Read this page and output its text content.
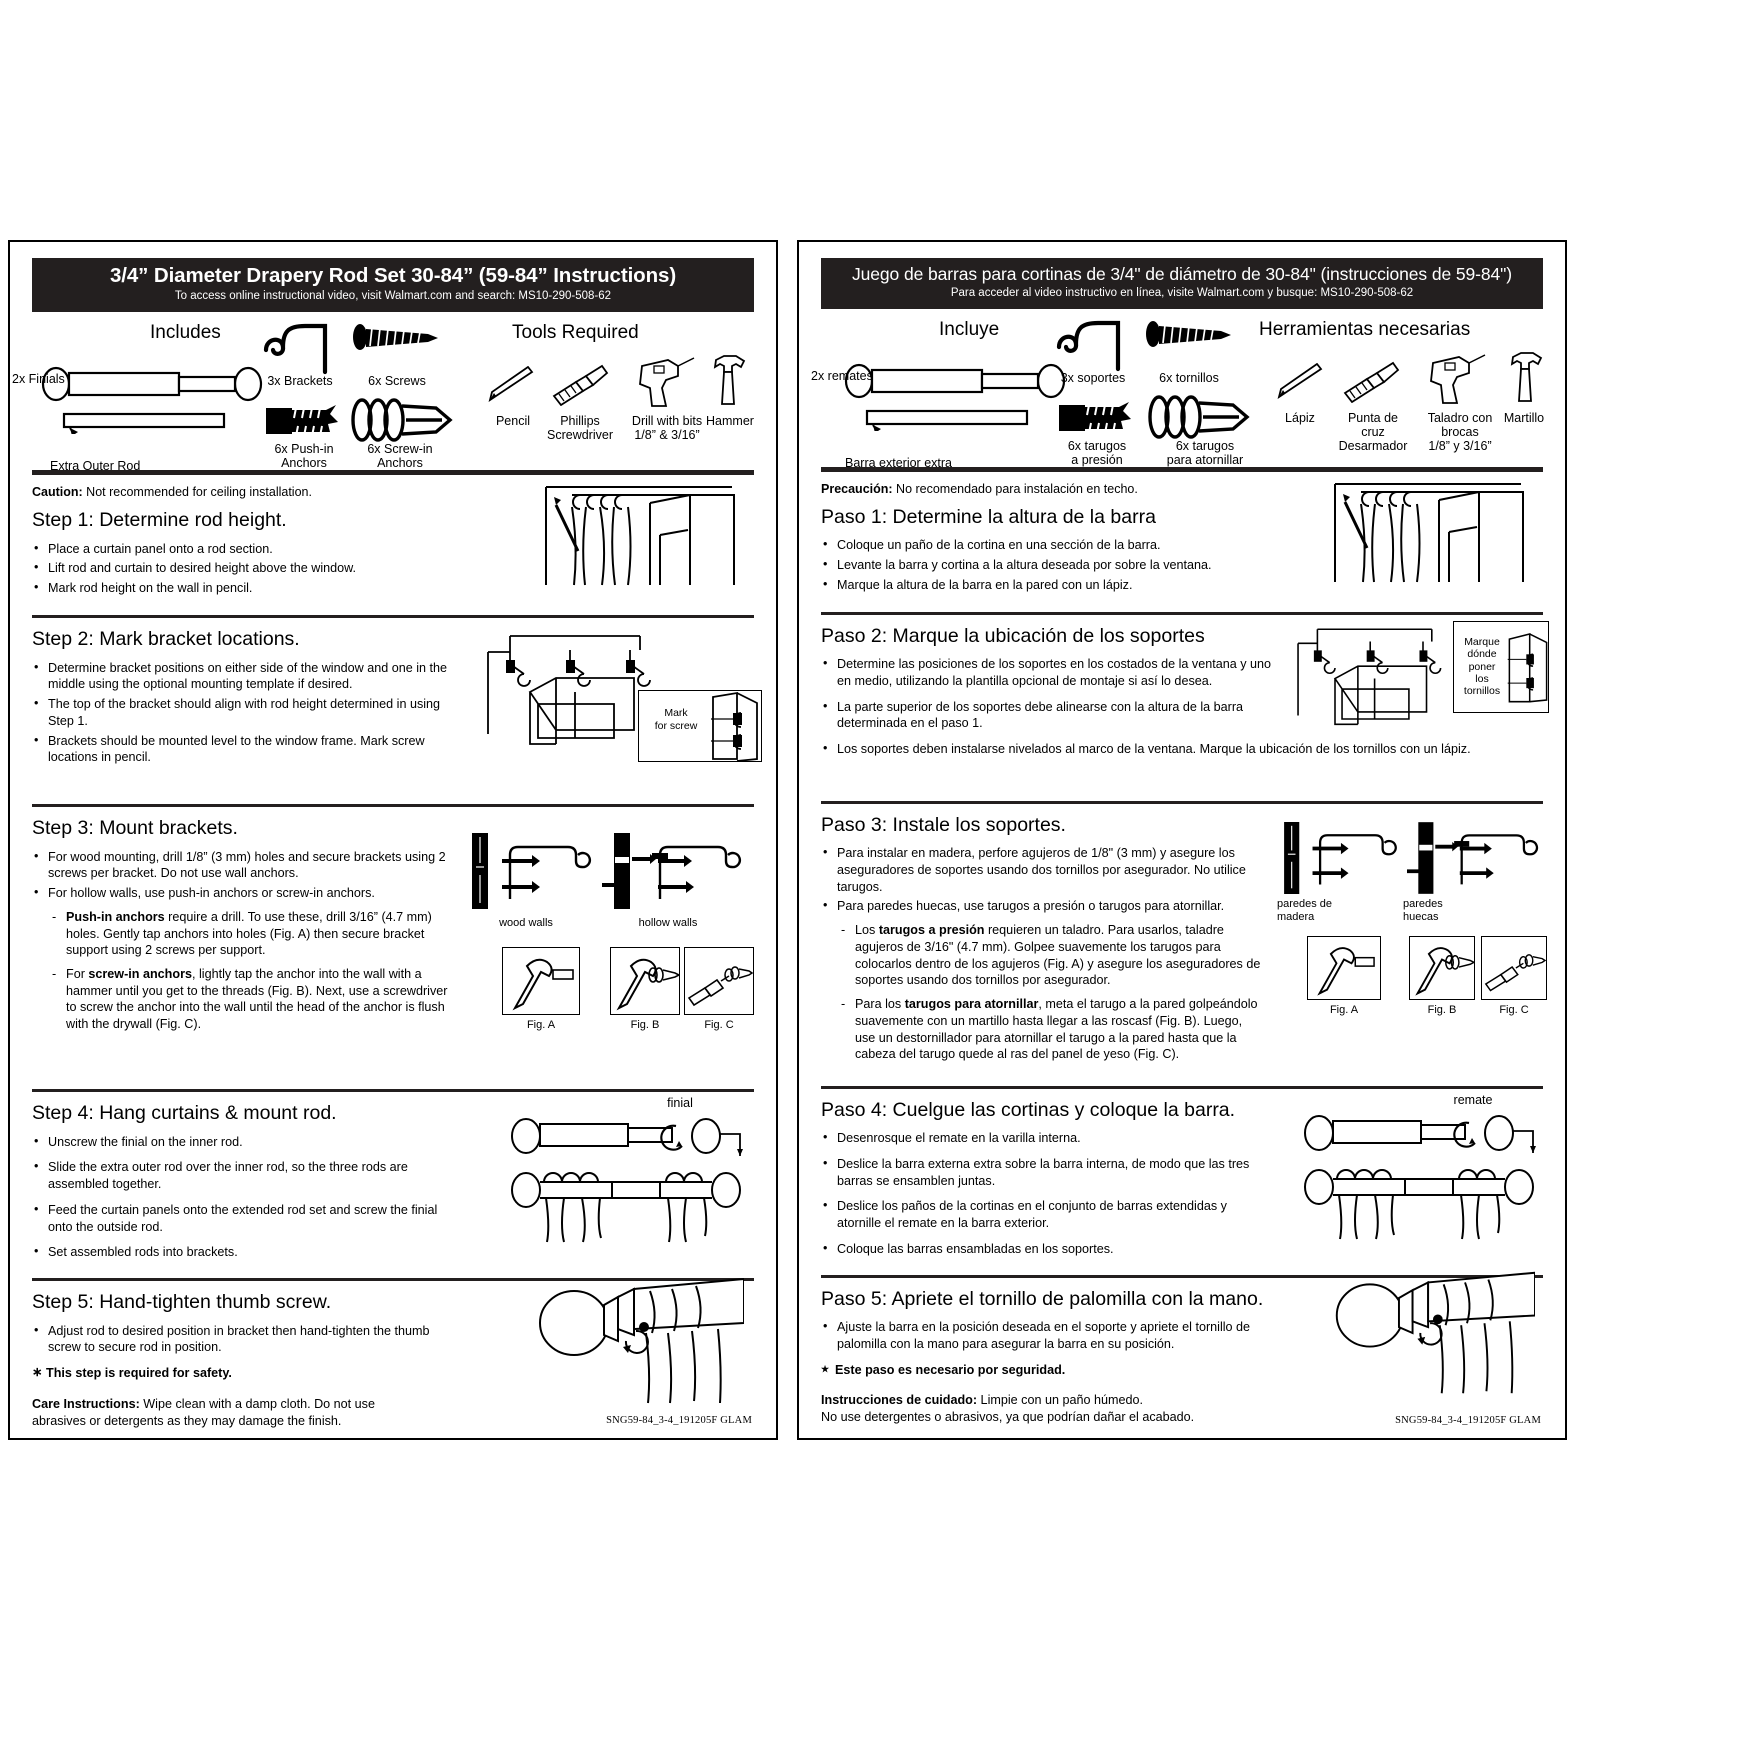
3/4” Diameter Drapery Rod Set 30-84” (59-84” Instructions)
To access online instructional video, visit Walmart.com and search: MS10-290-508-62
Includes	Tools Required
2x Finials
Extra Outer Rod
3x Brackets	6x Screws
6x Push-in
Anchors
6x Screw-in
Anchors
Pencil	Phillips
Screwdriver
Drill with bits
1/8” & 3/16”
Hammer
Caution: Not recommended for ceiling installation.
Step 1: Determine rod height.
• Place a curtain panel onto a rod section.
• Lift rod and curtain to desired height above the window.
• Mark rod height on the wall in pencil.
Step 2: Mark bracket locations.
• Determine bracket positions on either side of the window and one in the middle using the optional mounting template if desired.
• The top of the bracket should align with rod height determined in using Step 1.
• Brackets should be mounted level to the window frame. Mark screw locations in pencil.
Mark
for screw
Step 3: Mount brackets.
• For wood mounting, drill 1/8” (3 mm) holes and secure brackets using 2 screws per bracket. Do not use wall anchors.
• For hollow walls, use push-in anchors or screw-in anchors.
- Push-in anchors require a drill. To use these, drill 3/16” (4.7 mm) holes. Gently tap anchors into holes (Fig. A) then secure bracket support using 2 screws per support.
- For screw-in anchors, lightly tap the anchor into the wall with a hammer until you get to the threads (Fig. B). Next, use a screwdriver to screw the anchor into the wall until the head of the anchor is flush with the drywall (Fig. C).
wood walls	hollow walls
Fig. A	Fig. B	Fig. C
Step 4: Hang curtains & mount rod.
• Unscrew the finial on the inner rod.
• Slide the extra outer rod over the inner rod, so the three rods are assembled together.
• Feed the curtain panels onto the extended rod set and screw the finial onto the outside rod.
• Set assembled rods into brackets.
finial
Step 5: Hand-tighten thumb screw.
• Adjust rod to desired position in bracket then hand-tighten the thumb screw to secure rod in position.
∗ This step is required for safety.
Care Instructions: Wipe clean with a damp cloth. Do not use abrasives or detergents as they may damage the finish.	SNG59-84_3-4_191205F GLAM
Juego de barras para cortinas de 3/4" de diámetro de 30-84" (instrucciones de 59-84")
Para acceder al video instructivo en línea, visite Walmart.com y busque: MS10-290-508-62
Incluye	Herramientas necesarias
2x remates
Barra exterior extra
3x soportes	6x tornillos
6x tarugos
a presión
6x tarugos
para atornillar
Lápiz	Punta de
cruz
Desarmador
Taladro con
brocas
1/8” y 3/16”
Martillo
Precaución: No recomendado para instalación en techo.
Paso 1: Determine la altura de la barra
• Coloque un paño de la cortina en una sección de la barra.
• Levante la barra y cortina a la altura deseada por sobre la ventana.
• Marque la altura de la barra en la pared con un lápiz.
Paso 2: Marque la ubicación de los soportes
• Determine las posiciones de los soportes en los costados de la ventana y uno en medio, utilizando la plantilla opcional de montaje si así lo desea.
• La parte superior de los soportes debe alinearse con la altura de la barra determinada en el paso 1.
• Los soportes deben instalarse nivelados al marco de la ventana. Marque la ubicación de los tornillos con un lápiz.
Marque
dónde
poner
los tornillos
Paso 3: Instale los soportes.
• Para instalar en madera, perfore agujeros de 1/8" (3 mm) y asegure los aseguradores de soportes usando dos tornillos por asegurador. No utilice tarugos.
• Para paredes huecas, use tarugos a presión o tarugos para atornillar.
- Los tarugos a presión requieren un taladro. Para usarlos, taladre agujeros de 3/16" (4.7 mm). Golpee suavemente los tarugos para colocarlos dentro de los agujeros (Fig. A) y asegure los aseguradores de soportes usando dos tornillos por asegurador.
- Para los tarugos para atornillar, meta el tarugo a la pared golpeándolo suavemente con un martillo hasta llegar a las roscasf (Fig. B). Luego, use un destornillador para atornillar el tarugo a la pared hasta que la cabeza del tarugo quede al ras del panel de yeso (Fig. C).
paredes de
madera
paredes
huecas
Fig. A	Fig. B	Fig. C
Paso 4: Cuelgue las cortinas y coloque la barra.
• Desenrosque el remate en la varilla interna.
• Deslice la barra externa extra sobre la barra interna, de modo que las tres barras se ensamblen juntas.
• Deslice los paños de la cortinas en el conjunto de barras extendidas y atornille el remate en la barra exterior.
• Coloque las barras ensambladas en los soportes.
remate
Paso 5: Apriete el tornillo de palomilla con la mano.
• Ajuste la barra en la posición deseada en el soporte y apriete el tornillo de palomilla con la mano para asegurar la barra en su posición.
★ Este paso es necesario por seguridad.
Instrucciones de cuidado: Limpie con un paño húmedo.
No use detergentes o abrasivos, ya que podrían dañar el acabado.	SNG59-84_3-4_191205F GLAM
